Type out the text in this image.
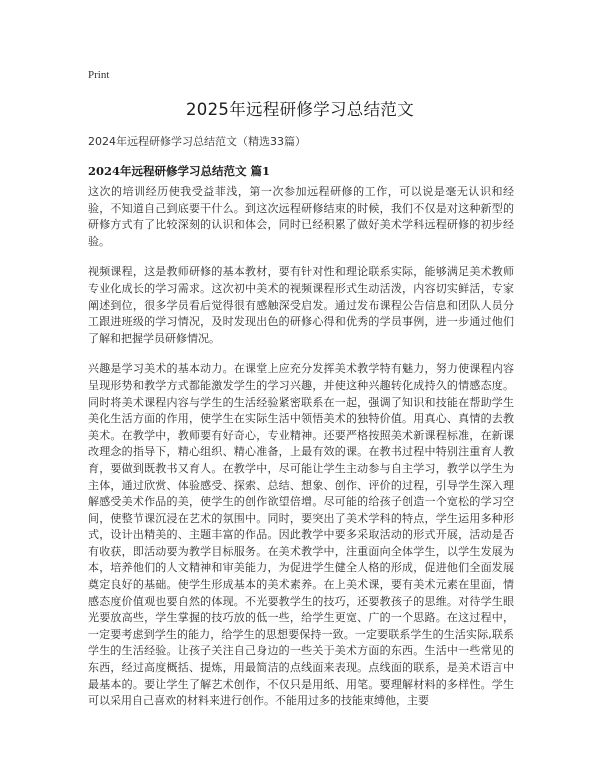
Print
2025年远程研修学习总结范文
2024年远程研修学习总结范文（精选33篇）
2024年远程研修学习总结范文 篇1

这次的培训经历使我受益菲浅，第一次参加远程研修的工作，可以说是毫无认识和经验，不知道自己到底要干什么。到这次远程研修结束的时候，我们不仅是对这种新型的研修方式有了比较深刻的认识和体会，同时已经积累了做好美术学科远程研修的初步经验。

视频课程，这是教师研修的基本教材，要有针对性和理论联系实际，能够满足美术教师专业化成长的学习需求。这次初中美术的视频课程形式生动活泼，内容切实鲜活，专家阐述到位，很多学员看后觉得很有感触深受启发。通过发布课程公告信息和团队人员分工跟进班级的学习情况，及时发现出色的研修心得和优秀的学员事例，进一步通过他们了解和把握学员研修情况。

兴趣是学习美术的基本动力。在课堂上应充分发挥美术教学特有魅力，努力使课程内容呈现形势和教学方式都能激发学生的学习兴趣，并使这种兴趣转化成持久的情感态度。同时将美术课程内容与学生的生活经验紧密联系在一起，强调了知识和技能在帮助学生美化生活方面的作用，使学生在实际生活中领悟美术的独特价值。用真心、真情的去教美术。在教学中，教师要有好奇心，专业精神。还要严格按照美术新课程标准，在新课改理念的指导下，精心组织、精心准备，上最有效的课。在教书过程中特别注重育人教育，要做到既教书又育人。在教学中，尽可能让学生主动参与自主学习，教学以学生为主体，通过欣赏、体验感受、探索、总结、想象、创作、评价的过程，引导学生深入理解感受美术作品的美，使学生的创作欲望倍增。尽可能的给孩子创造一个宽松的学习空间，使整节课沉浸在艺术的氛围中。同时，要突出了美术学科的特点，学生运用多种形式，设计出精美的、主题丰富的作品。因此教学中要多采取活动的形式开展，活动是否有收获，即活动要为教学目标服务。在美术教学中，注重面向全体学生，以学生发展为本，培养他们的人文精神和审美能力，为促进学生健全人格的形成，促进他们全面发展奠定良好的基础。使学生形成基本的美术素养。在上美术课，要有美术元素在里面，情感态度价值观也要自然的体现。不光要教学生的技巧，还要教孩子的思维。对待学生眼光要放高些，学生掌握的技巧放的低一些，给学生更宽、广的一个思路。在这过程中，一定要考虑到学生的能力，给学生的思想要保持一致。一定要联系学生的生活实际,联系学生的生活经验。让孩子关注自己身边的一些关于美术方面的东西。生活中一些常见的东西，经过高度概括、提炼，用最简洁的点线面来表现。点线面的联系，是美术语言中最基本的。要让学生了解艺术创作，不仅只是用纸、用笔。要理解材料的多样性。学生可以采用自己喜欢的材料来进行创作。不能用过多的技能束缚他，主要
